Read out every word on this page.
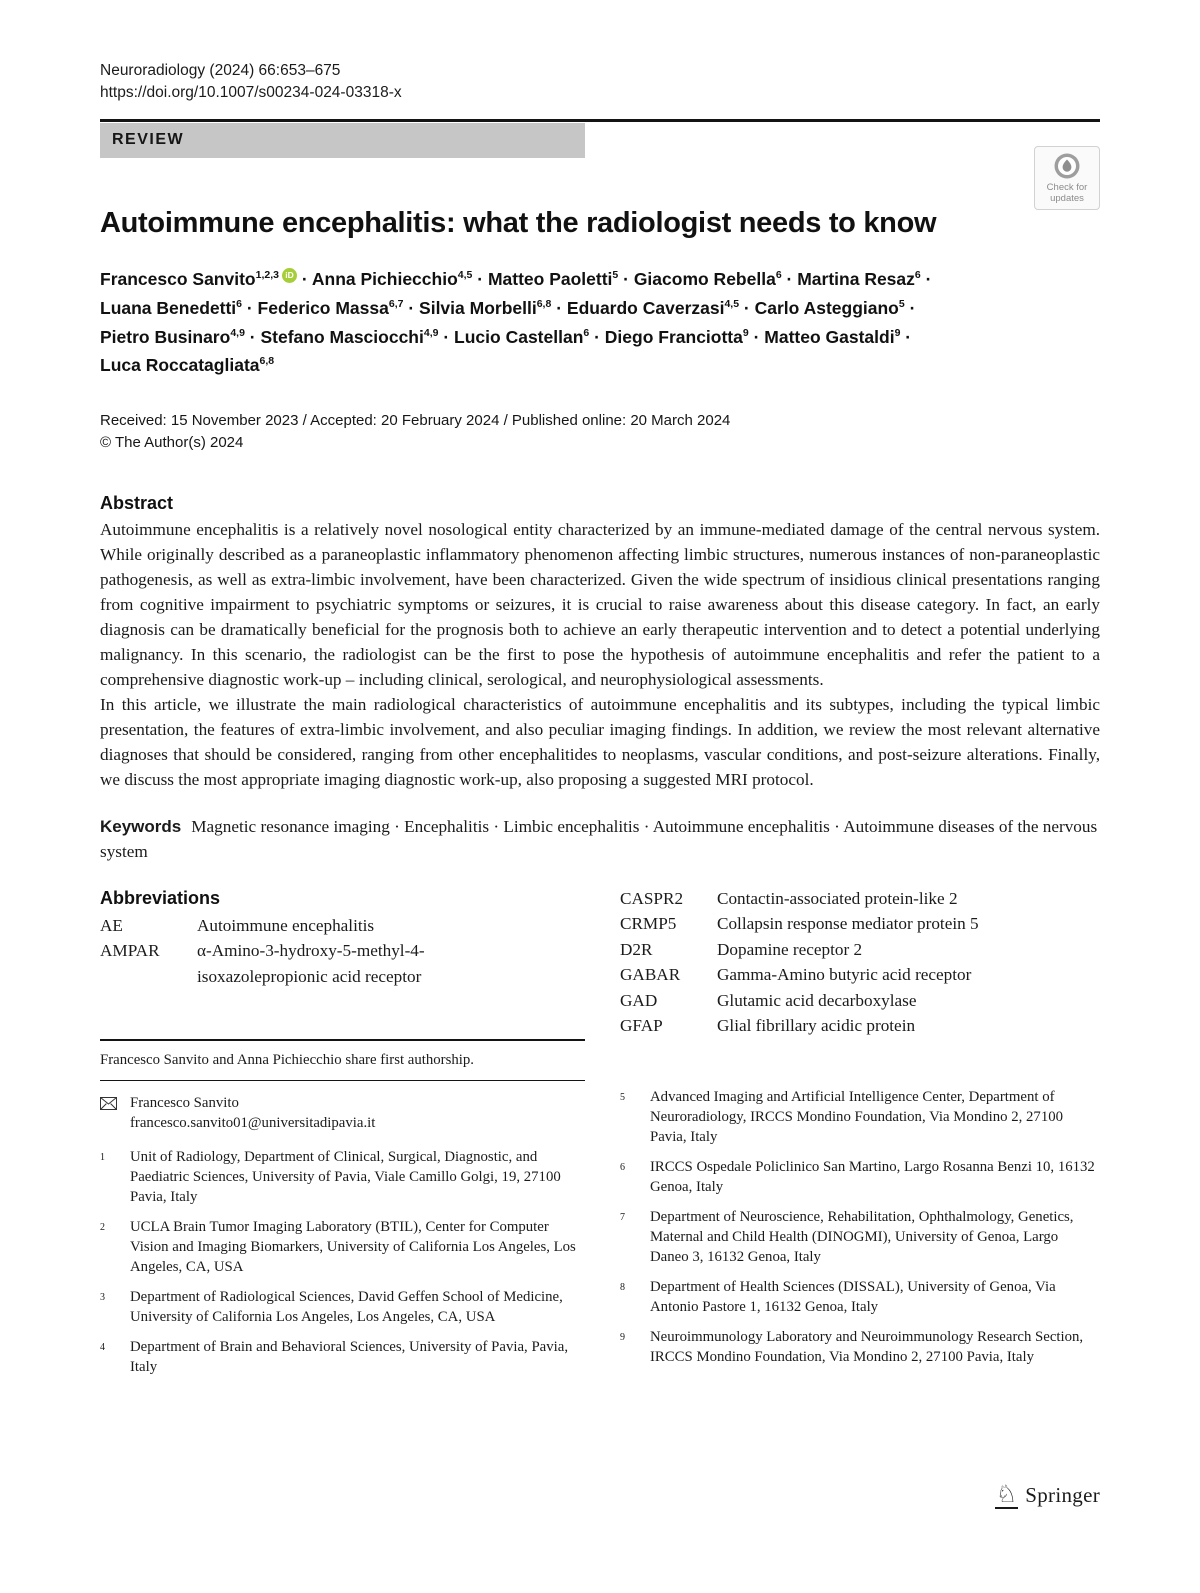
Neuroradiology (2024) 66:653–675
https://doi.org/10.1007/s00234-024-03318-x
REVIEW
Check for
updates
Autoimmune encephalitis: what the radiologist needs to know

Francesco Sanvito$^{1,2,3}$ iD · Anna Pichiecchio$^{4,5}$ · Matteo Paoletti$^5$ · Giacomo Rebella$^6$ · Martina Resaz$^6$ · Luana Benedetti$^6$ · Federico Massa$^{6,7}$ · Silvia Morbelli$^{6,8}$ · Eduardo Caverzasi$^{4,5}$ · Carlo Asteggiano$^5$ · Pietro Businaro$^{4,9}$ · Stefano Masciocchi$^{4,9}$ · Lucio Castellan$^6$ · Diego Franciotta$^9$ · Matteo Gastaldi$^9$ · Luca Roccatagliata$^{6,8}$

Received: 15 November 2023 / Accepted: 20 February 2024 / Published online: 20 March 2024
© The Author(s) 2024
Abstract

Autoimmune encephalitis is a relatively novel nosological entity characterized by an immune-mediated damage of the central nervous system. While originally described as a paraneoplastic inflammatory phenomenon affecting limbic structures, numerous instances of non-paraneoplastic pathogenesis, as well as extra-limbic involvement, have been characterized. Given the wide spectrum of insidious clinical presentations ranging from cognitive impairment to psychiatric symptoms or seizures, it is crucial to raise awareness about this disease category. In fact, an early diagnosis can be dramatically beneficial for the prognosis both to achieve an early therapeutic intervention and to detect a potential underlying malignancy. In this scenario, the radiologist can be the first to pose the hypothesis of autoimmune encephalitis and refer the patient to a comprehensive diagnostic work-up – including clinical, serological, and neurophysiological assessments.

In this article, we illustrate the main radiological characteristics of autoimmune encephalitis and its subtypes, including the typical limbic presentation, the features of extra-limbic involvement, and also peculiar imaging findings. In addition, we review the most relevant alternative diagnoses that should be considered, ranging from other encephalitides to neoplasms, vascular conditions, and post-seizure alterations. Finally, we discuss the most appropriate imaging diagnostic work-up, also proposing a suggested MRI protocol.

Keywords Magnetic resonance imaging · Encephalitis · Limbic encephalitis · Autoimmune encephalitis · Autoimmune diseases of the nervous system
Abbreviations
AE	Autoimmune encephalitis
AMPAR	α-Amino-3-hydroxy-5-methyl-4-isoxazolepropionic acid receptor
CASPR2	Contactin-associated protein-like 2
CRMP5	Collapsin response mediator protein 5
D2R	Dopamine receptor 2
GABAR	Gamma-Amino butyric acid receptor
GAD	Glutamic acid decarboxylase
GFAP	Glial fibrillary acidic protein
Francesco Sanvito and Anna Pichiecchio share first authorship.
Francesco Sanvito
francesco.sanvito01@universitadipavia.it
1	Unit of Radiology, Department of Clinical, Surgical, Diagnostic, and Paediatric Sciences, University of Pavia, Viale Camillo Golgi, 19, 27100 Pavia, Italy
2	UCLA Brain Tumor Imaging Laboratory (BTIL), Center for Computer Vision and Imaging Biomarkers, University of California Los Angeles, Los Angeles, CA, USA
3	Department of Radiological Sciences, David Geffen School of Medicine, University of California Los Angeles, Los Angeles, CA, USA
4	Department of Brain and Behavioral Sciences, University of Pavia, Pavia, Italy
5	Advanced Imaging and Artificial Intelligence Center, Department of Neuroradiology, IRCCS Mondino Foundation, Via Mondino 2, 27100 Pavia, Italy
6	IRCCS Ospedale Policlinico San Martino, Largo Rosanna Benzi 10, 16132 Genoa, Italy
7	Department of Neuroscience, Rehabilitation, Ophthalmology, Genetics, Maternal and Child Health (DINOGMI), University of Genoa, Largo Daneo 3, 16132 Genoa, Italy
8	Department of Health Sciences (DISSAL), University of Genoa, Via Antonio Pastore 1, 16132 Genoa, Italy
9	Neuroimmunology Laboratory and Neuroimmunology Research Section, IRCCS Mondino Foundation, Via Mondino 2, 27100 Pavia, Italy
♘ Springer
